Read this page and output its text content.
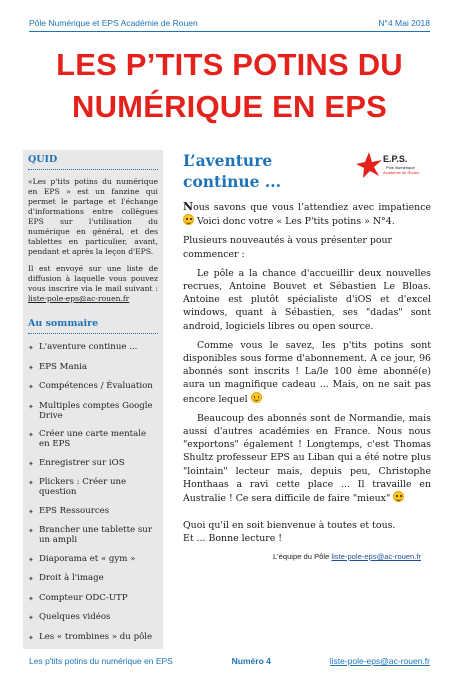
Pôle Numérique et EPS Académie de Rouen	N°4 Mai 2018
LES P’TITS POTINS DU
NUMÉRIQUE EN EPS
QUID

«Les p'tits potins du numérique en EPS » est un fanzine qui permet le partage et l'échange d'informations entre collègues EPS sur l'utilisation du numérique en général, et des tablettes en particulier, avant, pendant et après la leçon d'EPS.

Il est envoyé sur une liste de diffusion à laquelle vous pouvez vous inscrire via le mail suivant : liste-pole-eps@ac-rouen.fr

Au sommaire
✦ L'aventure continue ...
✦ EPS Mania
✦ Compétences / Évaluation
✦ Multiples comptes Google Drive
✦ Créer une carte mentale en EPS
✦ Enregistrer sur iOS
✦ Plickers : Créer une question
✦ EPS Ressources
✦ Brancher une tablette sur un ampli
✦ Diaporama et « gym »
✦ Droit à l'image
✦ Compteur ODC-UTP
✦ Quelques vidéos
✦ Les « trombines » du pôle
L’aventure
continue ...
E.P.S.
Pôle Numérique
Académie de Rouen

Nous savons que vous l’attendiez avec impatience Voici donc votre « Les P'tits potins » N°4.

Plusieurs nouveautés à vous présenter pour commencer :

Le pôle a la chance d'accueillir deux nouvelles recrues, Antoine Bouvet et Sébastien Le Bloas. Antoine est plutôt spécialiste d'iOS et d'excel windows, quant à Sébastien, ses "dadas" sont android, logiciels libres ou open source.

Comme vous le savez, les p'tits potins sont disponibles sous forme d'abonnement. A ce jour, 96 abonnés sont inscrits ! La/le 100 ème abonné(e) aura un magnifique cadeau ... Mais, on ne sait pas encore lequel

Beaucoup des abonnés sont de Normandie, mais aussi d'autres académies en France. Nous nous "exportons" également ! Longtemps, c'est Thomas Shultz professeur EPS au Liban qui a été notre plus "lointain" lecteur mais, depuis peu, Christophe Honthaas a ravi cette place ... Il travaille en Australie ! Ce sera difficile de faire "mieux"

Quoi qu'il en soit bienvenue à toutes et tous.
Et ... Bonne lecture !

L'équipe du Pôle liste-pole-eps@ac-rouen.fr
Les p'tits potins du numérique en EPS	Numéro 4	liste-pole-eps@ac-rouen.fr
